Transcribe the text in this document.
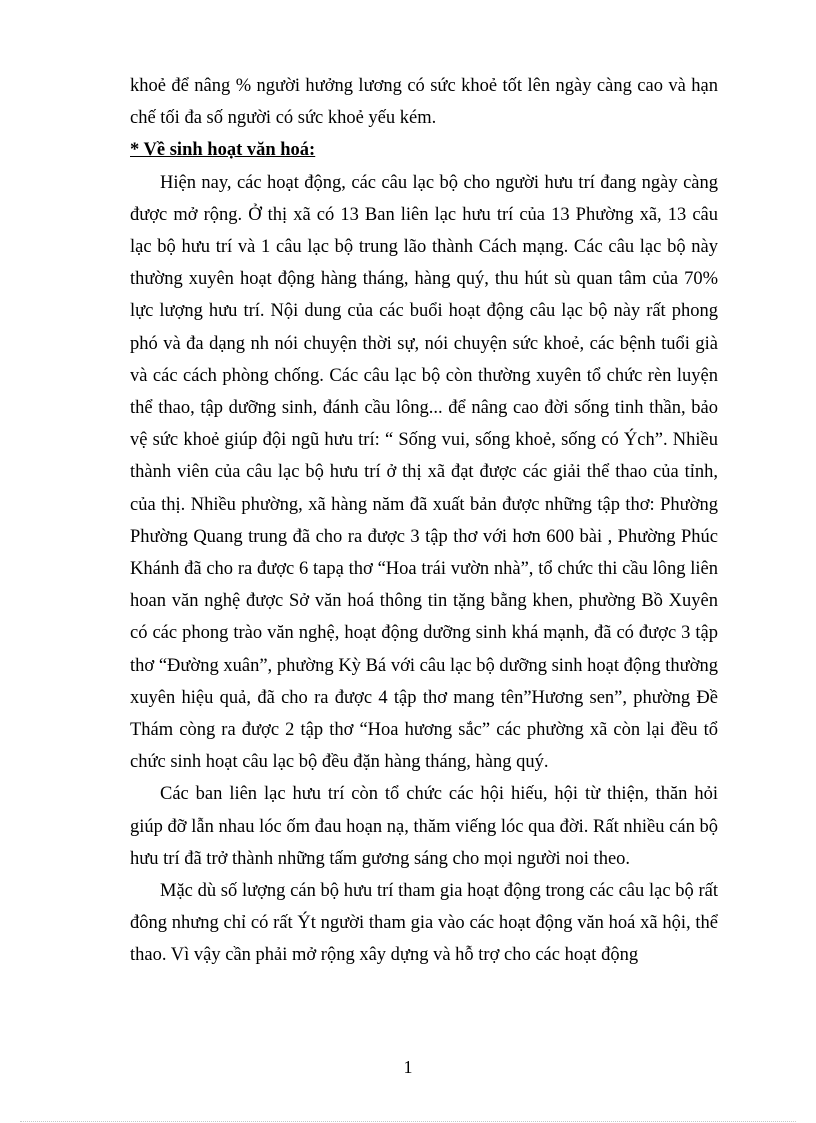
khoẻ để nâng % người hưởng lương có sức khoẻ tốt lên ngày càng cao và hạn chế tối đa số người có sức khoẻ yếu kém.

* Về sinh hoạt văn hoá:

Hiện nay, các hoạt động, các câu lạc bộ cho người hưu trí đang ngày càng được mở rộng. Ở thị xã có 13 Ban liên lạc hưu trí của 13 Phường xã, 13 câu lạc bộ hưu trí và 1 câu lạc bộ trung lão thành Cách mạng. Các câu lạc bộ này thường xuyên hoạt động hàng tháng, hàng quý, thu hút sù quan tâm của 70% lực lượng hưu trí. Nội dung của các buổi hoạt động câu lạc bộ này rất phong phó và đa dạng nh nói chuyện thời sự, nói chuyện sức khoẻ, các bệnh tuổi già và các cách phòng chống. Các câu lạc bộ còn thường xuyên tổ chức rèn luyện thể thao, tập dưỡng sinh, đánh cầu lông... để nâng cao đời sống tinh thần, bảo vệ sức khoẻ giúp đội ngũ hưu trí: “ Sống vui, sống khoẻ, sống có Ých”. Nhiều thành viên của câu lạc bộ hưu trí ở thị xã đạt được các giải thể thao của tỉnh, của thị. Nhiều phường, xã hàng năm đã xuất bản được những tập thơ: Phường Phường Quang trung đã cho ra được 3 tập thơ với hơn 600 bài , Phường Phúc Khánh đã cho ra được 6 tapạ thơ “Hoa trái vườn nhà”, tổ chức thi cầu lông liên hoan văn nghệ được Sở văn hoá thông tin tặng bằng khen, phường Bồ Xuyên có các phong trào văn nghệ, hoạt động dưỡng sinh khá mạnh, đã có được 3 tập thơ “Đường xuân”, phường Kỳ Bá với câu lạc bộ dưỡng sinh hoạt động thường xuyên hiệu quả, đã cho ra được 4 tập thơ mang tên”Hương sen”, phường Đề Thám còng ra được 2 tập thơ “Hoa hương sắc” các phường xã còn lại đều tổ chức sinh hoạt câu lạc bộ đều đặn hàng tháng, hàng quý.

Các ban liên lạc hưu trí còn tổ chức các hội hiếu, hội từ thiện, thăn hỏi giúp đỡ lẫn nhau lóc ốm đau hoạn nạ, thăm viếng lóc qua đời. Rất nhiều cán bộ hưu trí đã trở thành những tấm gương sáng cho mọi người noi theo.

Mặc dù số lượng cán bộ hưu trí tham gia hoạt động trong các câu lạc bộ rất đông nhưng chỉ có rất Ýt người tham gia vào các hoạt động văn hoá xã hội, thể thao. Vì vậy cần phải mở rộng xây dựng và hỗ trợ cho các hoạt động

1
